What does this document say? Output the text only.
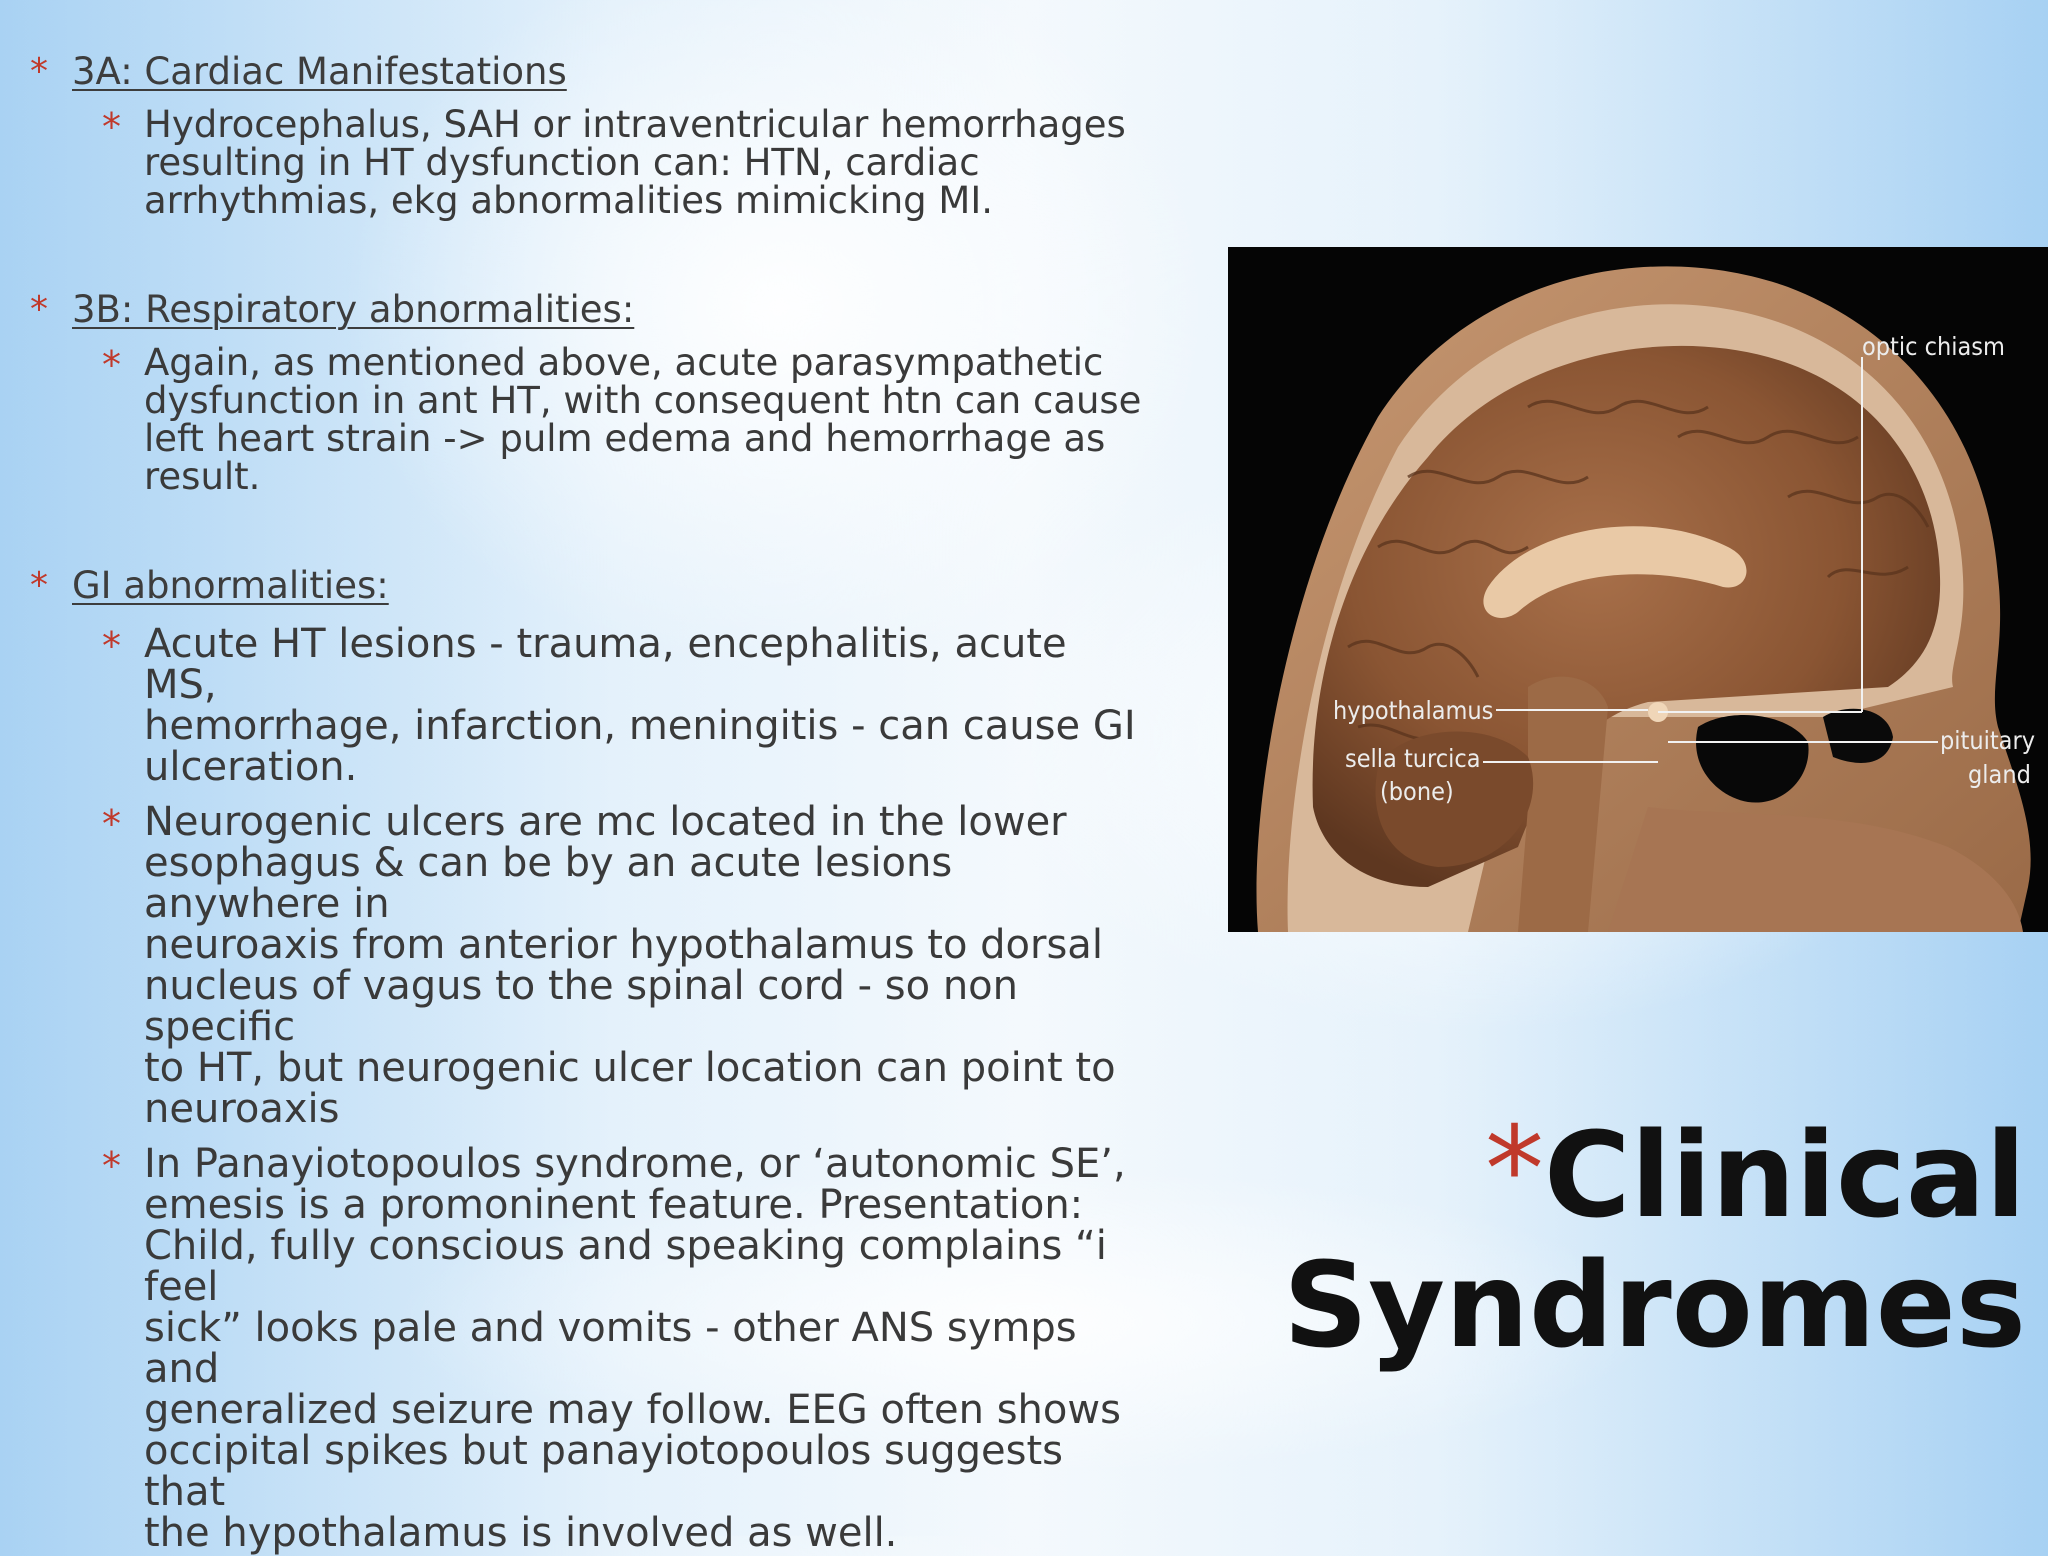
* 3A: Cardiac Manifestations
* Hydrocephalus, SAH or intraventricular hemorrhages
resulting in HT dysfunction can: HTN, cardiac
arrhythmias, ekg abnormalities mimicking MI.
* 3B: Respiratory abnormalities:
* Again, as mentioned above, acute parasympathetic
dysfunction in ant HT, with consequent htn can cause
left heart strain -> pulm edema and hemorrhage as
result.
* GI abnormalities:
* Acute HT lesions - trauma, encephalitis, acute MS,
hemorrhage, infarction, meningitis - can cause GI
ulceration.
* Neurogenic ulcers are mc located in the lower
esophagus & can be by an acute lesions anywhere in
neuroaxis from anterior hypothalamus to dorsal
nucleus of vagus to the spinal cord - so non specific
to HT, but neurogenic ulcer location can point to
neuroaxis
* In Panayiotopoulos syndrome, or ‘autonomic SE’,
emesis is a promoninent feature. Presentation:
Child, fully conscious and speaking complains “i feel
sick” looks pale and vomits - other ANS symps and
generalized seizure may follow. EEG often shows
occipital spikes but panayiotopoulos suggests that
the hypothalamus is involved as well.
optic chiasm
hypothalamus
sella turcica
(bone)
pituitary
gland
*Clinical
Syndromes
